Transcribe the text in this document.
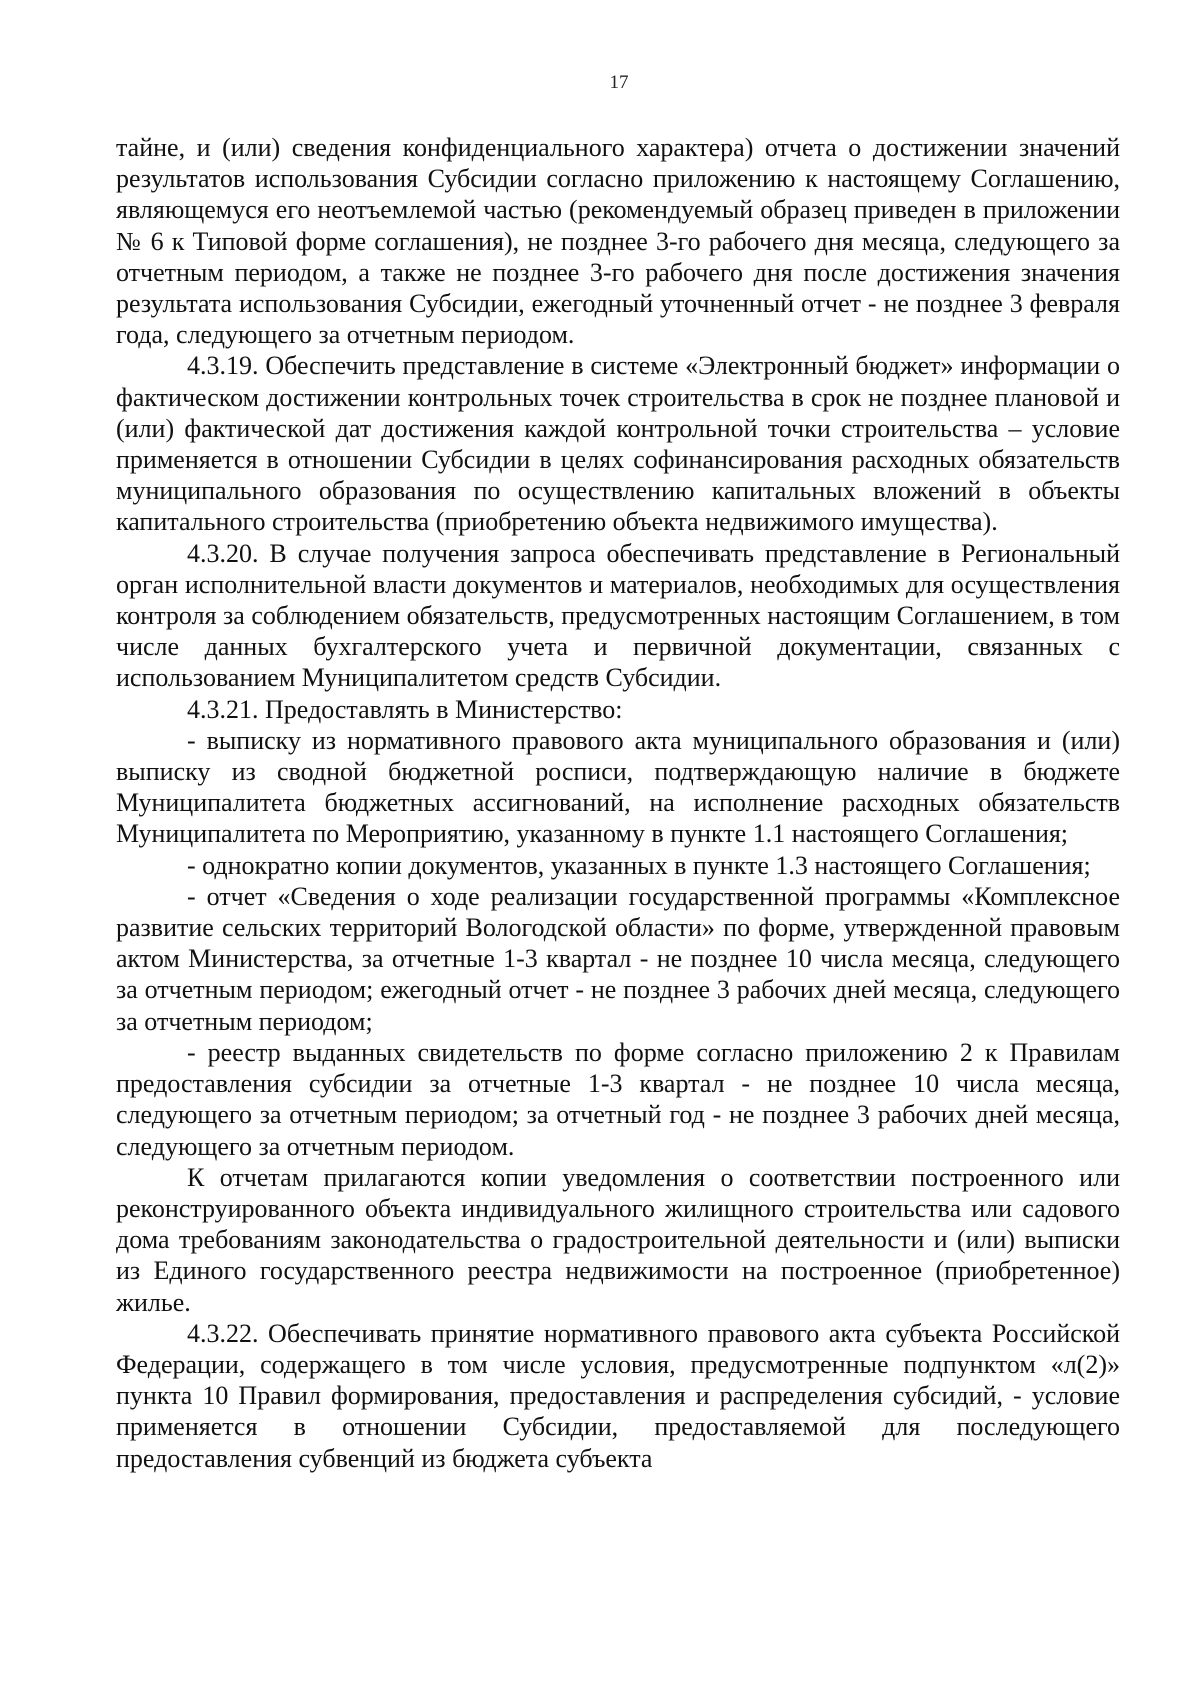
17

тайне, и (или) сведения конфиденциального характера) отчета о достижении значений результатов использования Субсидии согласно приложению к настоящему Соглашению, являющемуся его неотъемлемой частью (рекомендуемый образец приведен в приложении № 6 к Типовой форме соглашения), не позднее 3-го рабочего дня месяца, следующего за отчетным периодом, а также не позднее 3-го рабочего дня после достижения значения результата использования Субсидии, ежегодный уточненный отчет - не позднее 3 февраля года, следующего за отчетным периодом.

4.3.19. Обеспечить представление в системе «Электронный бюджет» информации о фактическом достижении контрольных точек строительства в срок не позднее плановой и (или) фактической дат достижения каждой контрольной точки строительства – условие применяется в отношении Субсидии в целях софинансирования расходных обязательств муниципального образования по осуществлению капитальных вложений в объекты капитального строительства (приобретению объекта недвижимого имущества).

4.3.20. В случае получения запроса обеспечивать представление в Региональный орган исполнительной власти документов и материалов, необходимых для осуществления контроля за соблюдением обязательств, предусмотренных настоящим Соглашением, в том числе данных бухгалтерского учета и первичной документации, связанных с использованием Муниципалитетом средств Субсидии.

4.3.21. Предоставлять в Министерство:

- выписку из нормативного правового акта муниципального образования и (или) выписку из сводной бюджетной росписи, подтверждающую наличие в бюджете Муниципалитета бюджетных ассигнований, на исполнение расходных обязательств Муниципалитета по Мероприятию, указанному в пункте 1.1 настоящего Соглашения;

- однократно копии документов, указанных в пункте 1.3 настоящего Соглашения;

- отчет «Сведения о ходе реализации государственной программы «Комплексное развитие сельских территорий Вологодской области» по форме, утвержденной правовым актом Министерства, за отчетные 1-3 квартал - не позднее 10 числа месяца, следующего за отчетным периодом; ежегодный отчет - не позднее 3 рабочих дней месяца, следующего за отчетным периодом;

- реестр выданных свидетельств по форме согласно приложению 2 к Правилам предоставления субсидии за отчетные 1-3 квартал - не позднее 10 числа месяца, следующего за отчетным периодом; за отчетный год - не позднее 3 рабочих дней месяца, следующего за отчетным периодом.

К отчетам прилагаются копии уведомления о соответствии построенного или реконструированного объекта индивидуального жилищного строительства или садового дома требованиям законодательства о градостроительной деятельности и (или) выписки из Единого государственного реестра недвижимости на построенное (приобретенное) жилье.

4.3.22. Обеспечивать принятие нормативного правового акта субъекта Российской Федерации, содержащего в том числе условия, предусмотренные подпунктом «л(2)» пункта 10 Правил формирования, предоставления и распределения субсидий, - условие применяется в отношении Субсидии, предоставляемой для последующего предоставления субвенций из бюджета субъекта
